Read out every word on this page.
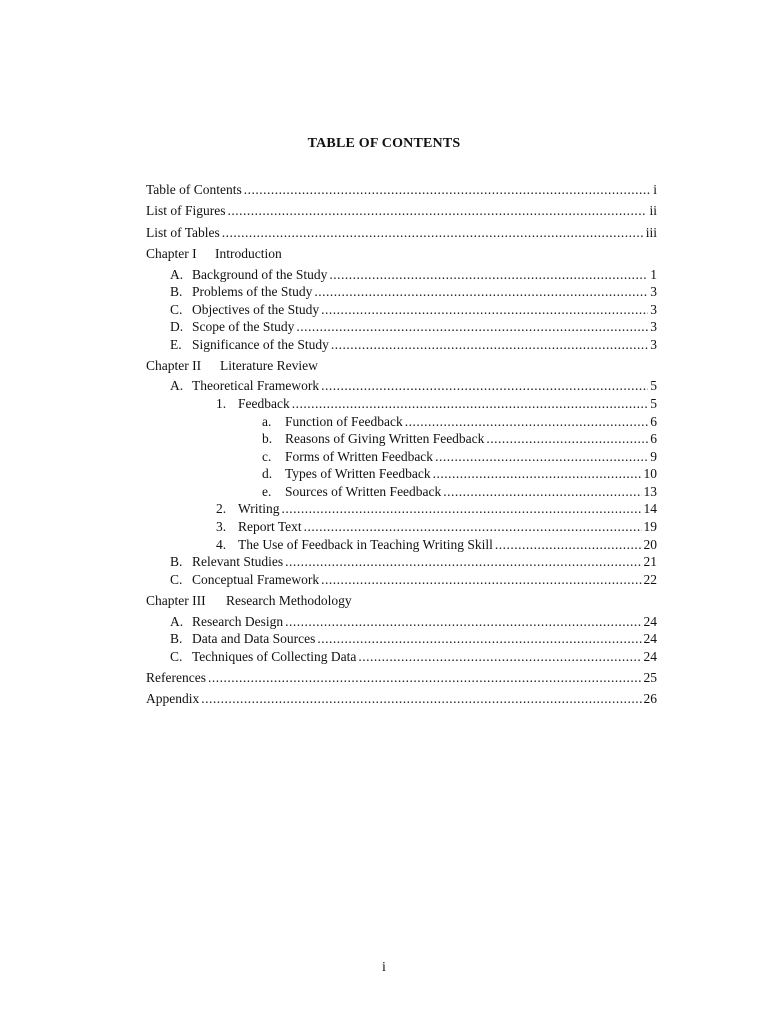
TABLE OF CONTENTS
Table of Contents .....	i
List of Figures .....	ii
List of Tables .....	iii
Chapter I Introduction
A. Background of the Study .....	1
B. Problems of the Study .....	3
C. Objectives of the Study .....	3
D. Scope of the Study .....	3
E. Significance of the Study .....	3
Chapter II Literature Review
A. Theoretical Framework .....	5
1. Feedback .....	5
a.	Function of Feedback .....	6
b. Reasons of Giving Written Feedback .....	6
c.	Forms of Written Feedback .....	9
d. Types of Written Feedback .....	10
e.	Sources of Written Feedback .....	13
2. Writing .....	14
3. Report Text .....	19
4. The Use of Feedback in Teaching Writing Skill .....	20
B. Relevant Studies .....	21
C. Conceptual Framework .....	22
Chapter III Research Methodology
A. Research Design .....	24
B. Data and Data Sources .....	24
C. Techniques of Collecting Data .....	24
References .....	25
Appendix .....	26
i
